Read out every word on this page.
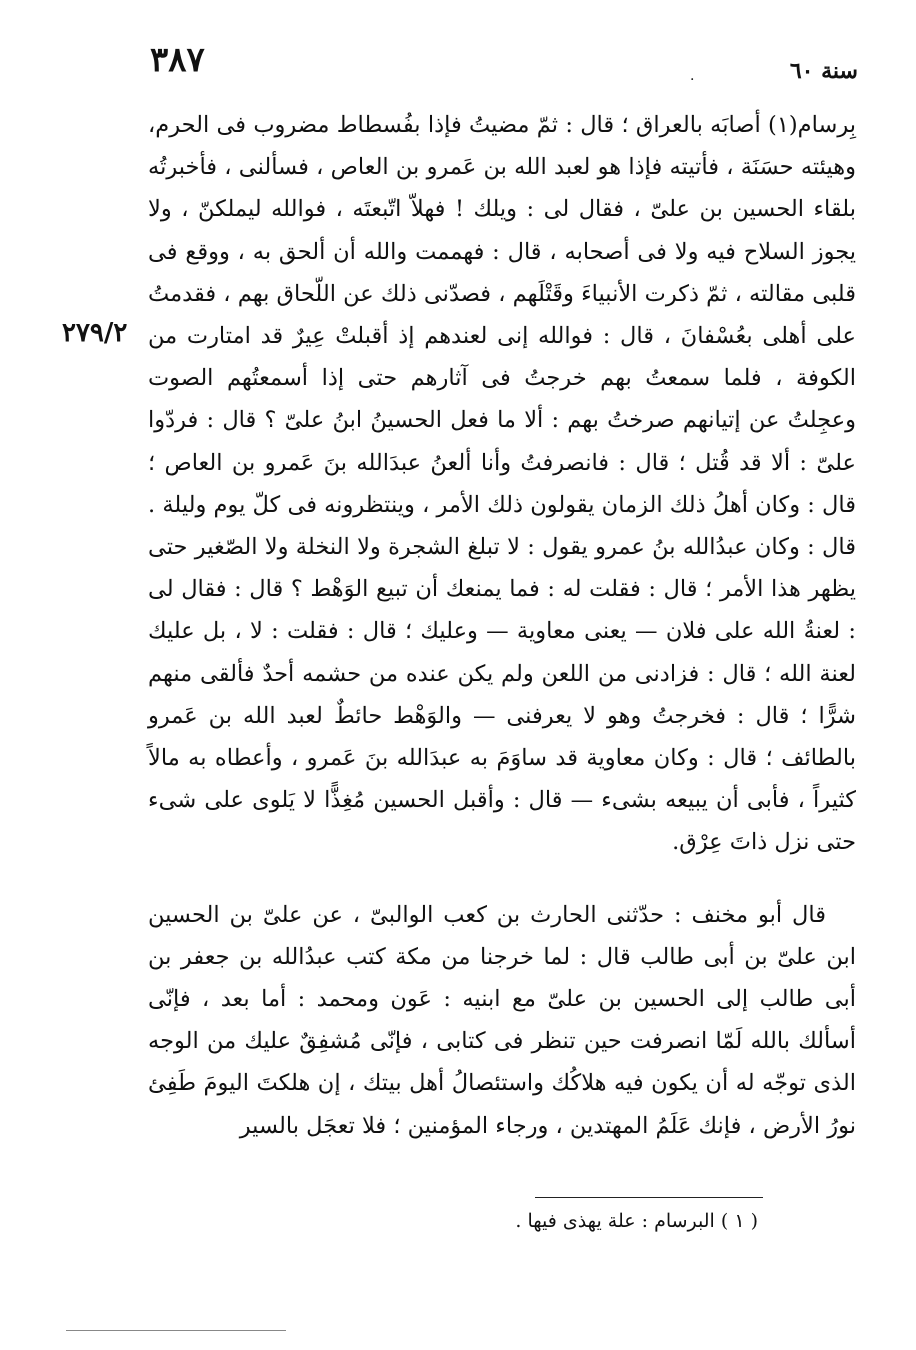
٣٨٧	·	سنة ٦٠
٢٧٩/٢

بِرسام(١) أصابَه بالعراق ؛ قال : ثمّ مضيتُ فإذا بفُسطاط مضروب فى الحرم، وهيئته حسَنَة ، فأتيته فإذا هو لعبد الله بن عَمرو بن العاص ، فسألنى ، فأخبرتُه بلقاء الحسين بن علىّ ، فقال لى : ويلك ! فهلاّ اتّبعتَه ، فوالله ليملكنّ ، ولا يجوز السلاح فيه ولا فى أصحابه ، قال : فهممت والله أن ألحق به ، ووقع فى قلبى مقالته ، ثمّ ذكرت الأنبياءَ وقَتْلَهم ، فصدّنى ذلك عن اللّحاق بهم ، فقدمتُ على أهلى بعُسْفانَ ، قال : فوالله إنى لعندهم إذ أقبلتْ عِيرٌ قد امتارت من الكوفة ، فلما سمعتُ بهم خرجتُ فى آثارهم حتى إذا أسمعتُهم الصوت وعجِلتُ عن إتيانهم صرختُ بهم : ألا ما فعل الحسينُ ابنُ علىّ ؟ قال : فردّوا علىّ : ألا قد قُتل ؛ قال : فانصرفتُ وأنا ألعنُ عبدَالله بنَ عَمرو بن العاص ؛ قال : وكان أهلُ ذلك الزمان يقولون ذلك الأمر ، وينتظرونه فى كلّ يوم وليلة . قال : وكان عبدُالله بنُ عمرو يقول : لا تبلغ الشجرة ولا النخلة ولا الصّغير حتى يظهر هذا الأمر ؛ قال : فقلت له : فما يمنعك أن تبيع الوَهْط ؟ قال : فقال لى : لعنةُ الله على فلان — يعنى معاوية — وعليك ؛ قال : فقلت : لا ، بل عليك لعنة الله ؛ قال : فزادنى من اللعن ولم يكن عنده من حشمه أحدٌ فألقى منهم شرًّا ؛ قال : فخرجتُ وهو لا يعرفنى — والوَهْط حائطٌ لعبد الله بن عَمرو بالطائف ؛ قال : وكان معاوية قد ساوَمَ به عبدَالله بنَ عَمرو ، وأعطاه به مالاً كثيراً ، فأبى أن يبيعه بشىء — قال : وأقبل الحسين مُغِذًّا لا يَلوى على شىء حتى نزل ذاتَ عِرْق.

قال أبو مخنف : حدّثنى الحارث بن كعب الوالبىّ ، عن علىّ بن الحسين ابن علىّ بن أبى طالب قال : لما خرجنا من مكة كتب عبدُالله بن جعفر بن أبى طالب إلى الحسين بن علىّ مع ابنيه : عَون ومحمد : أما بعد ، فإنّى أسألك بالله لَمّا انصرفت حين تنظر فى كتابى ، فإنّى مُشفِقٌ عليك من الوجه الذى توجّه له أن يكون فيه هلاكُك واستئصالُ أهل بيتك ، إن هلكتَ اليومَ طَفِئ نورُ الأرض ، فإنك عَلَمُ المهتدين ، ورجاء المؤمنين ؛ فلا تعجَل بالسير

( ١ ) البرسام : علة يهذى فيها .
